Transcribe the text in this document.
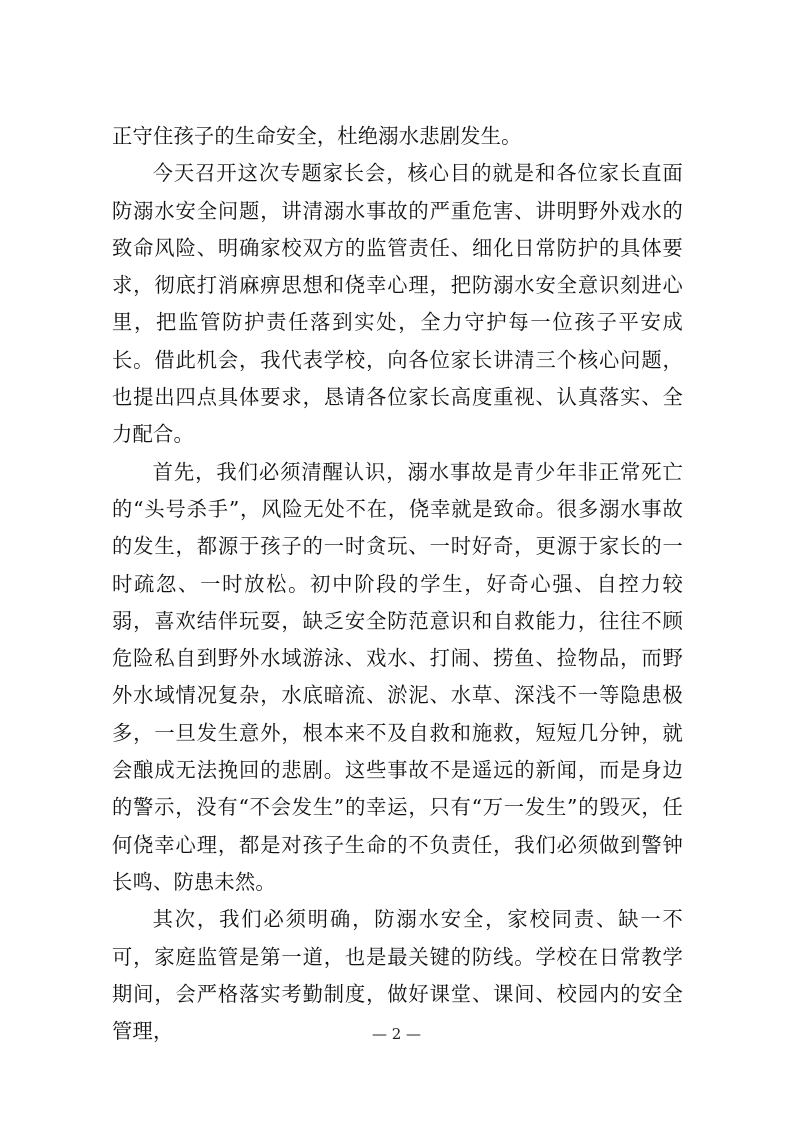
正守住孩子的生命安全，杜绝溺水悲剧发生。

今天召开这次专题家长会，核心目的就是和各位家长直面防溺水安全问题，讲清溺水事故的严重危害、讲明野外戏水的致命风险、明确家校双方的监管责任、细化日常防护的具体要求，彻底打消麻痹思想和侥幸心理，把防溺水安全意识刻进心里，把监管防护责任落到实处，全力守护每一位孩子平安成长。借此机会，我代表学校，向各位家长讲清三个核心问题，也提出四点具体要求，恳请各位家长高度重视、认真落实、全力配合。

首先，我们必须清醒认识，溺水事故是青少年非正常死亡的“头号杀手”，风险无处不在，侥幸就是致命。很多溺水事故的发生，都源于孩子的一时贪玩、一时好奇，更源于家长的一时疏忽、一时放松。初中阶段的学生，好奇心强、自控力较弱，喜欢结伴玩耍，缺乏安全防范意识和自救能力，往往不顾危险私自到野外水域游泳、戏水、打闹、捞鱼、捡物品，而野外水域情况复杂，水底暗流、淤泥、水草、深浅不一等隐患极多，一旦发生意外，根本来不及自救和施救，短短几分钟，就会酿成无法挽回的悲剧。这些事故不是遥远的新闻，而是身边的警示，没有“不会发生”的幸运，只有“万一发生”的毁灭，任何侥幸心理，都是对孩子生命的不负责任，我们必须做到警钟长鸣、防患未然。

其次，我们必须明确，防溺水安全，家校同责、缺一不可，家庭监管是第一道，也是最关键的防线。学校在日常教学期间，会严格落实考勤制度，做好课堂、课间、校园内的安全管理，	— 2 —
